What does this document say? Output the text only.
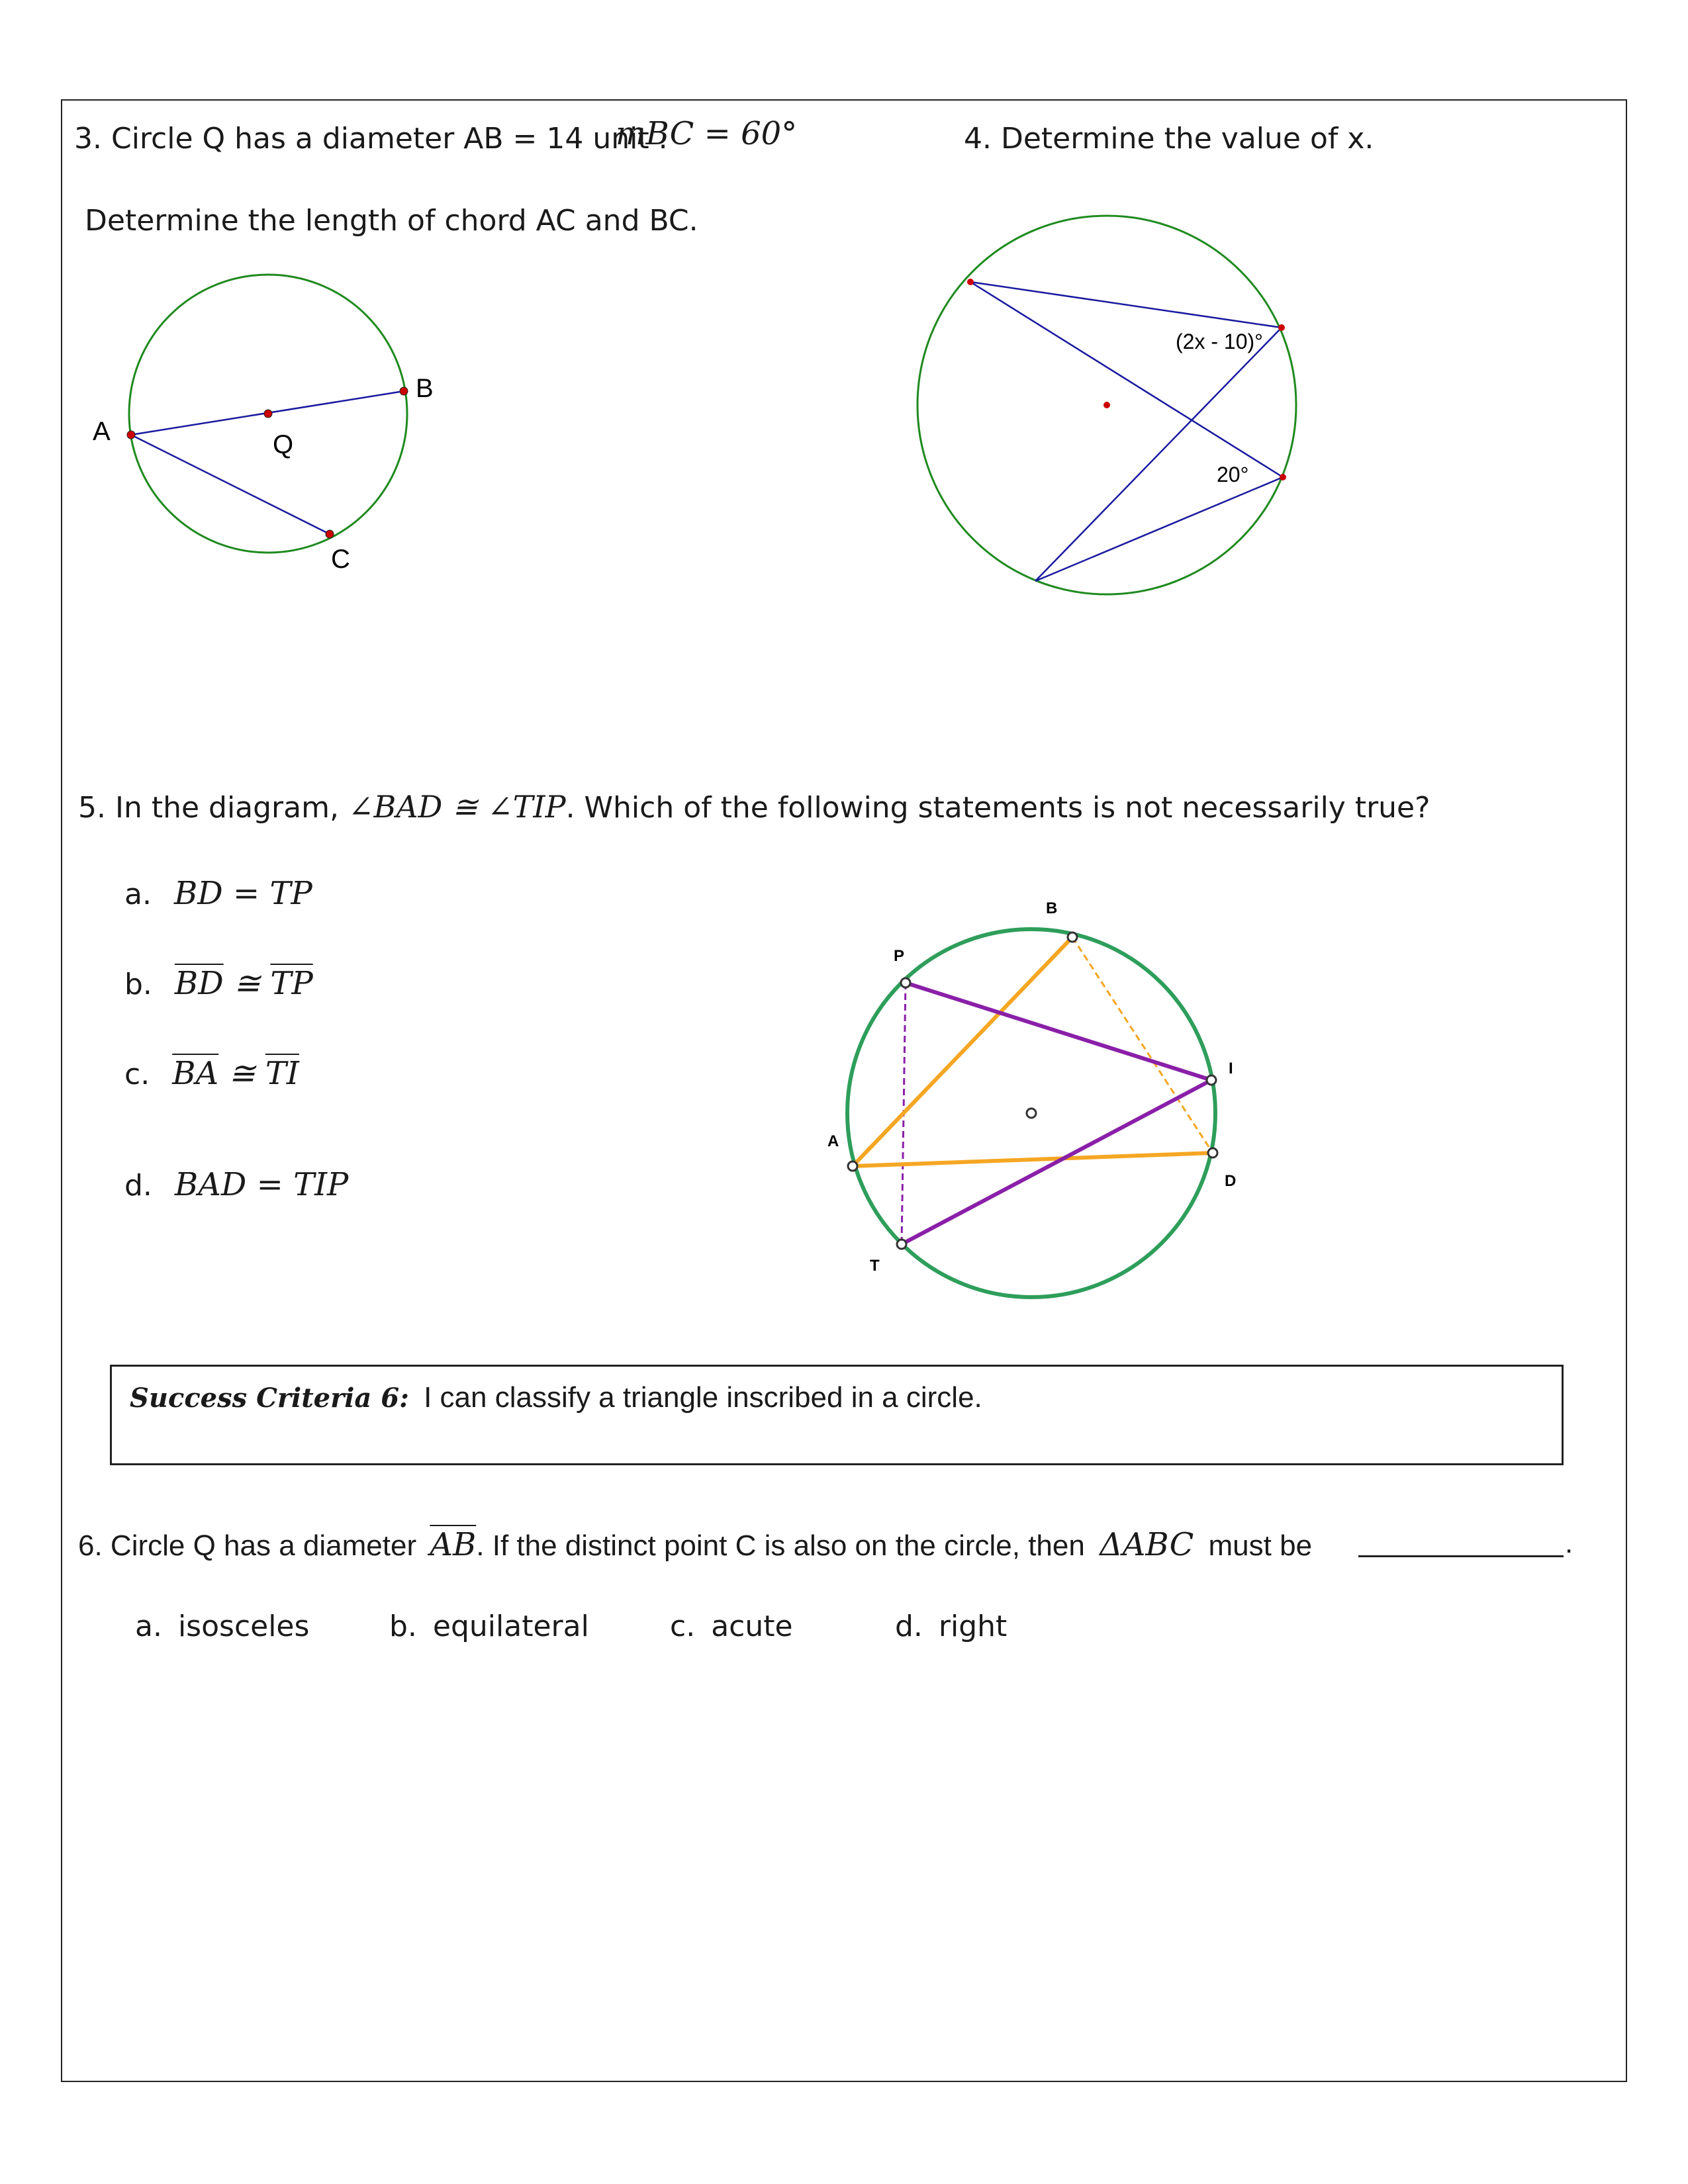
3. Circle Q has a diameter AB = 14 unit .
mBC = 60°
Determine the length of chord AC and BC.
A
B
Q
C
4. Determine the value of x.
(2x - 10)°
20°
5. In the diagram, ∠BAD ≅ ∠TIP. Which of the following statements is not necessarily true?
a. BD = TP
b. $\overline{BD}$ ≅ $\overline{TP}$
c. $\overline{BA}$ ≅ $\overline{TI}$
d. BAD = TIP
B
P
I
A
D
T
Success Criteria 6: I can classify a triangle inscribed in a circle.
6. Circle Q has a diameter $\overline{AB}$. If the distinct point C is also on the circle, then ΔABC must be	.
a. isosceles	b. equilateral	c. acute	d. right
